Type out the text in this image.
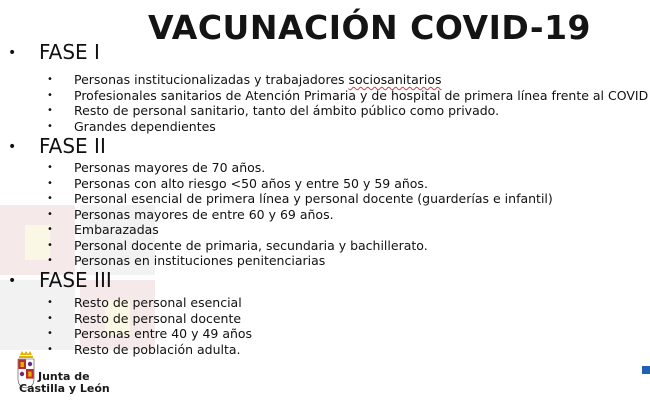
VACUNACIÓN COVID-19
• FASE I
• Personas institucionalizadas y trabajadores sociosanitarios
• Profesionales sanitarios de Atención Primaria y de hospital de primera línea frente al COVID
• Resto de personal sanitario, tanto del ámbito público como privado.
• Grandes dependientes
• FASE II
• Personas mayores de 70 años.
• Personas con alto riesgo <50 años y entre 50 y 59 años.
• Personal esencial de primera línea y personal docente (guarderías e infantil)
• Personas mayores de entre 60 y 69 años.
• Embarazadas
• Personal docente de primaria, secundaria y bachillerato.
• Personas en instituciones penitenciarias
• FASE III
• Resto de personal esencial
• Resto de personal docente
• Personas entre 40 y 49 años
• Resto de población adulta.
Junta de
Castilla y León
